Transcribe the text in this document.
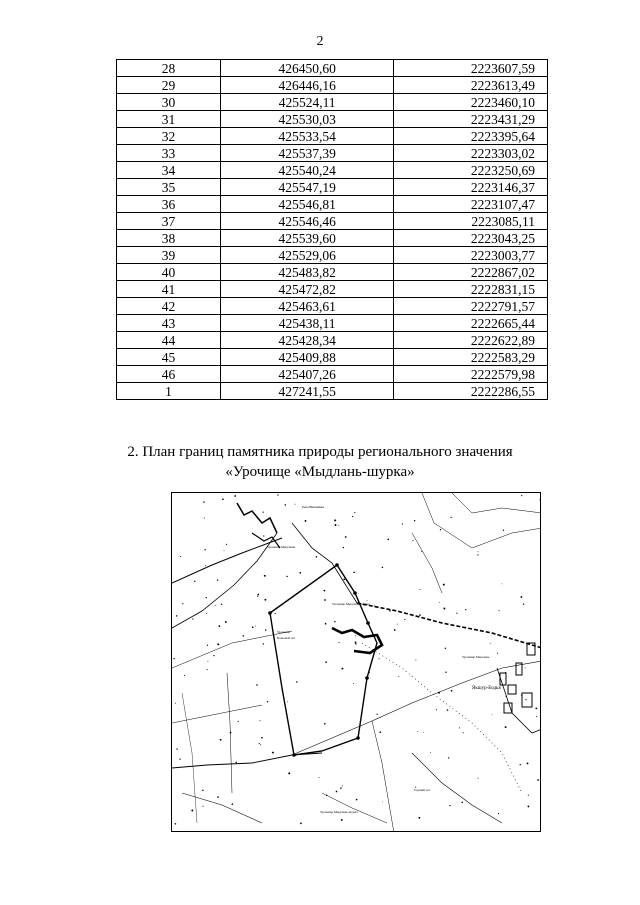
2
28	426450,60	2223607,59
29	426446,16	2223613,49
30	425524,11	2223460,10
31	425530,03	2223431,29
32	425533,54	2223395,64
33	425537,39	2223303,02
34	425540,24	2223250,69
35	425547,19	2223146,37
36	425546,81	2223107,47
37	425546,46	2223085,11
38	425539,60	2223043,25
39	425529,06	2223003,77
40	425483,82	2222867,02
41	425472,82	2222831,15
42	425463,61	2222791,57
43	425438,11	2222665,44
44	425428,34	2222622,89
45	425409,88	2222583,29
46	425407,26	2222579,98
1	427241,55	2222286,55
2. План границ памятника природы регионального значения
«Урочище «Мыдлань-шурка»
Река Вишнёвка
Урочище Мыдланы
Урочище Мыдлань-шурка
Урочище
Большой лог
Якшур-Бодья
Урочище Мыдлань
Горный лог
Урочище Мыдлань-шурка
